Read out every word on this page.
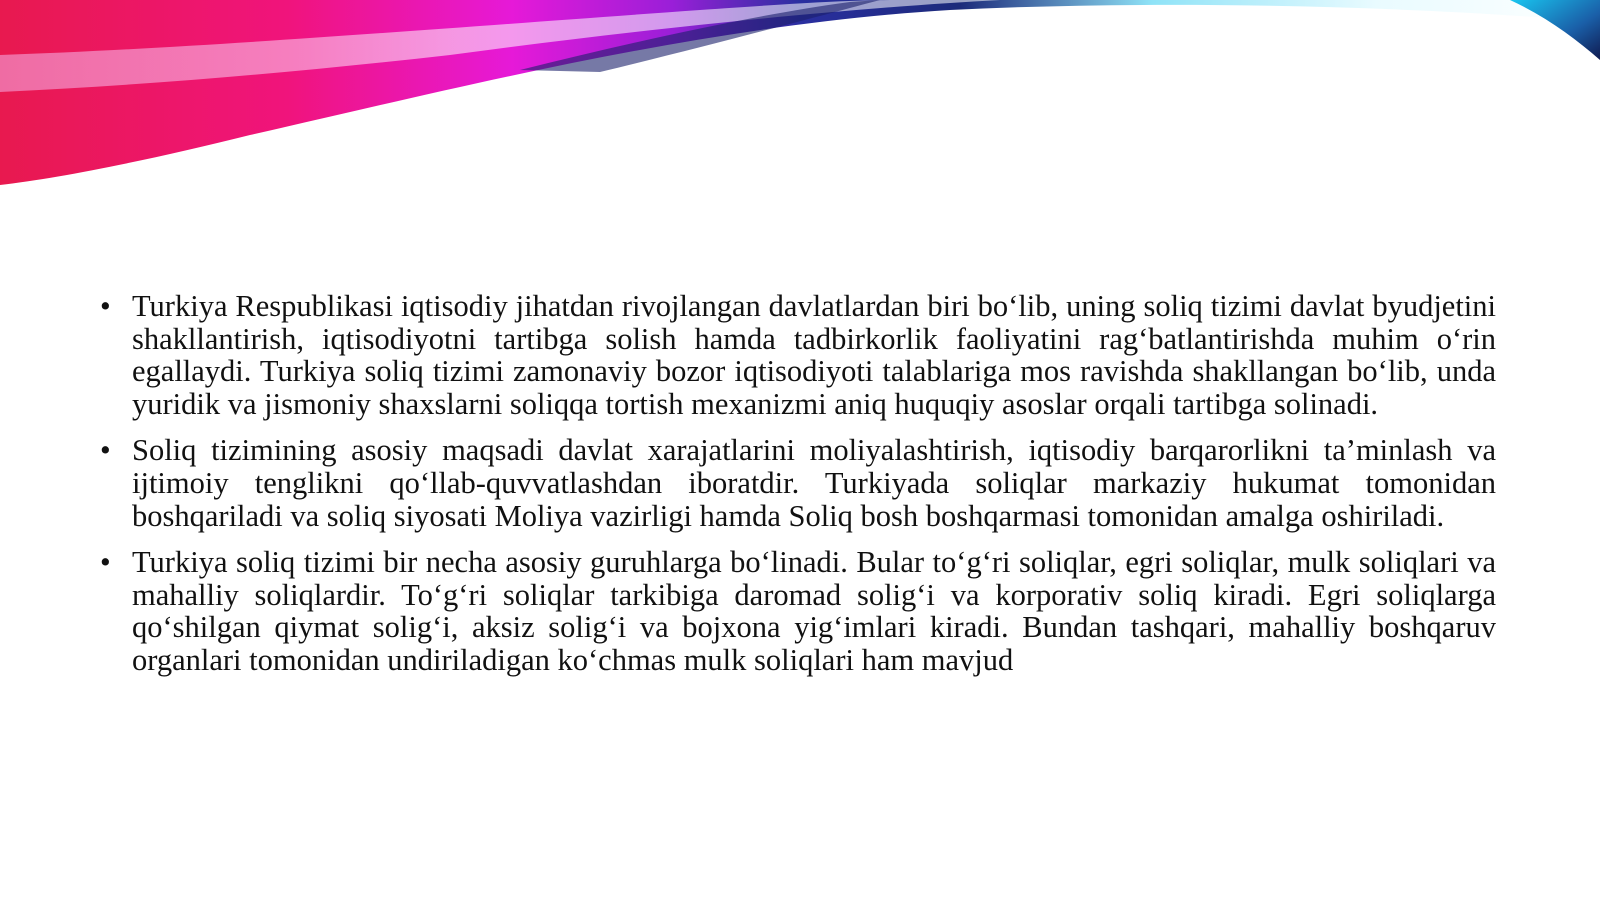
• Turkiya Respublikasi iqtisodiy jihatdan rivojlangan davlatlardan biri bo‘lib, uning soliq tizimi davlat byudjetini shakllantirish, iqtisodiyotni tartibga solish hamda tadbirkorlik faoliyatini rag‘batlantirishda muhim o‘rin egallaydi. Turkiya soliq tizimi zamonaviy bozor iqtisodiyoti talablariga mos ravishda shakllangan bo‘lib, unda yuridik va jismoniy shaxslarni soliqqa tortish mexanizmi aniq huquqiy asoslar orqali tartibga solinadi.
• Soliq tizimining asosiy maqsadi davlat xarajatlarini moliyalashtirish, iqtisodiy barqarorlikni ta’minlash va ijtimoiy tenglikni qo‘llab-quvvatlashdan iboratdir. Turkiyada soliqlar markaziy hukumat tomonidan boshqariladi va soliq siyosati Moliya vazirligi hamda Soliq bosh boshqarmasi tomonidan amalga oshiriladi.
• Turkiya soliq tizimi bir necha asosiy guruhlarga bo‘linadi. Bular to‘g‘ri soliqlar, egri soliqlar, mulk soliqlari va mahalliy soliqlardir. To‘g‘ri soliqlar tarkibiga daromad solig‘i va korporativ soliq kiradi. Egri soliqlarga qo‘shilgan qiymat solig‘i, aksiz solig‘i va bojxona yig‘imlari kiradi. Bundan tashqari, mahalliy boshqaruv organlari tomonidan undiriladigan ko‘chmas mulk soliqlari ham mavjud
